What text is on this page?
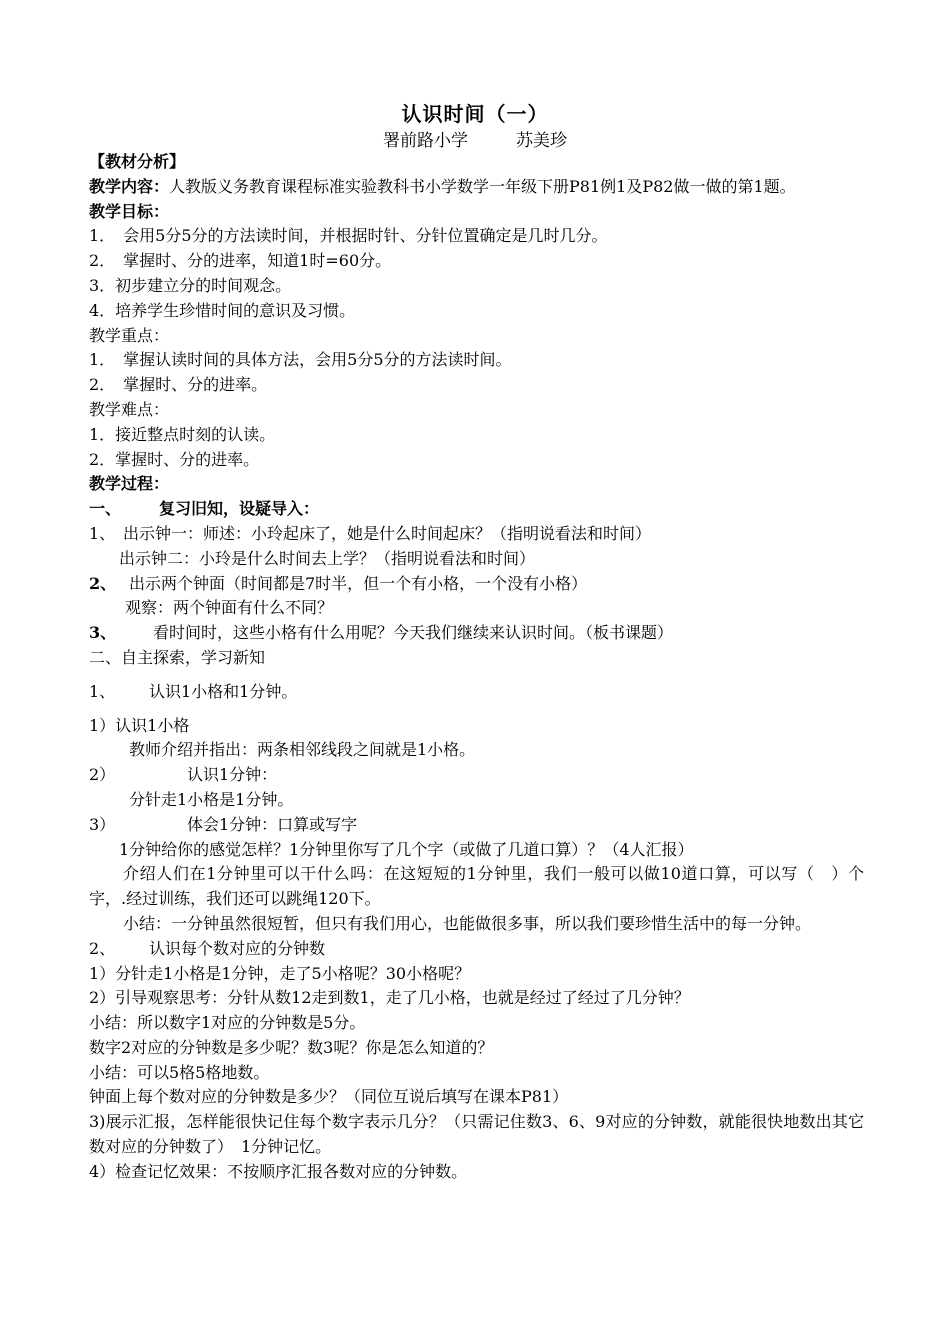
认识时间（一）
署前路小学	苏美珍
【教材分析】
教学内容：人教版义务教育课程标准实验教科书小学数学一年级下册P81例1及P82做一做的第1题。
教学目标：
1．　会用5分5分的方法读时间，并根据时针、分针位置确定是几时几分。
2．　掌握时、分的进率，知道1时=60分。
3．初步建立分的时间观念。
4．培养学生珍惜时间的意识及习惯。
教学重点：
1．　掌握认读时间的具体方法，会用5分5分的方法读时间。
2．　掌握时、分的进率。
教学难点：
1．接近整点时刻的认读。
2．掌握时、分的进率。
教学过程：
一、 复习旧知，设疑导入：
1、 出示钟一：师述：小玲起床了，她是什么时间起床？（指明说看法和时间）
出示钟二：小玲是什么时间去上学？（指明说看法和时间）
2、 出示两个钟面（时间都是7时半，但一个有小格，一个没有小格）
观察：两个钟面有什么不同？
3、 看时间时，这些小格有什么用呢？今天我们继续来认识时间。（板书课题）
二、自主探索，学习新知
1、 认识1小格和1分钟。
1）认识1小格
教师介绍并指出：两条相邻线段之间就是1小格。
2）	认识1分钟：
分针走1小格是1分钟。
3）	体会1分钟：口算或写字
1分钟给你的感觉怎样？1分钟里你写了几个字（或做了几道口算）？（4人汇报）
介绍人们在1分钟里可以干什么吗：在这短短的1分钟里，我们一般可以做10道口算，可以写（　）个字，.经过训练，我们还可以跳绳120下。
小结：一分钟虽然很短暂，但只有我们用心，也能做很多事，所以我们要珍惜生活中的每一分钟。
2、 认识每个数对应的分钟数
1）分针走1小格是1分钟，走了5小格呢？30小格呢？
2）引导观察思考：分针从数12走到数1，走了几小格，也就是经过了经过了几分钟？
小结：所以数字1对应的分钟数是5分。
数字2对应的分钟数是多少呢？数3呢？你是怎么知道的？
小结：可以5格5格地数。
钟面上每个数对应的分钟数是多少？（同位互说后填写在课本P81）
3)展示汇报，怎样能很快记住每个数字表示几分？（只需记住数3、6、9对应的分钟数，就能很快地数出其它数对应的分钟数了）　1分钟记忆。
4）检查记忆效果：不按顺序汇报各数对应的分钟数。
